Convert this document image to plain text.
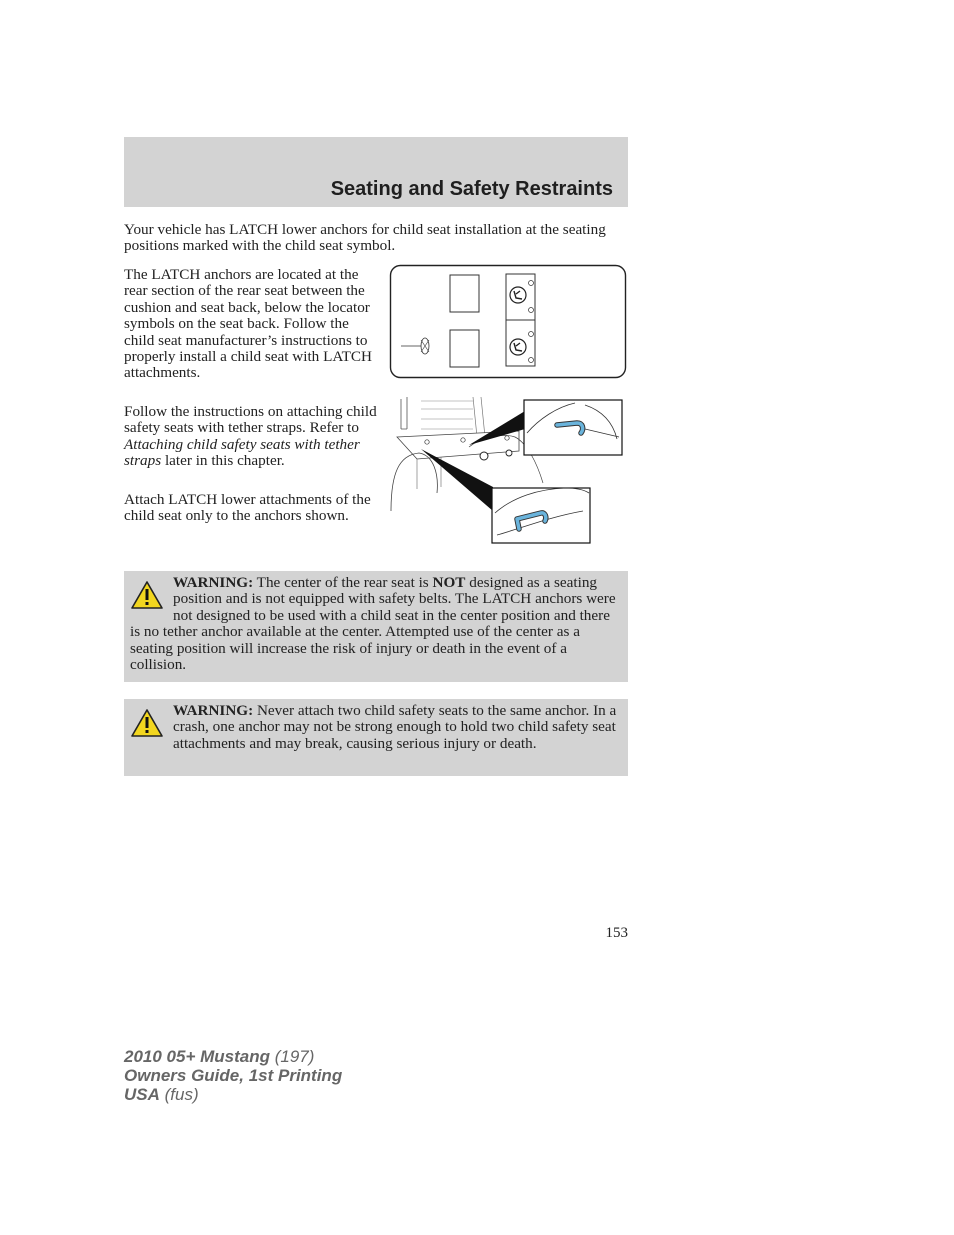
Seating and Safety Restraints

Your vehicle has LATCH lower anchors for child seat installation at the seating positions marked with the child seat symbol.

The LATCH anchors are located at the rear section of the rear seat between the cushion and seat back, below the locator symbols on the seat back. Follow the child seat manufacturer’s instructions to properly install a child seat with LATCH attachments.

Follow the instructions on attaching child safety seats with tether straps. Refer to Attaching child safety seats with tether straps later in this chapter.

Attach LATCH lower attachments of the child seat only to the anchors shown.

WARNING: The center of the rear seat is NOT designed as a seating position and is not equipped with safety belts. The LATCH anchors were not designed to be used with a child seat in the center position and there is no tether anchor available at the center. Attempted use of the center as a seating position will increase the risk of injury or death in the event of a collision.

WARNING: Never attach two child safety seats to the same anchor. In a crash, one anchor may not be strong enough to hold two child safety seat attachments and may break, causing serious injury or death.

153

2010 05+ Mustang (197)
Owners Guide, 1st Printing
USA (fus)
